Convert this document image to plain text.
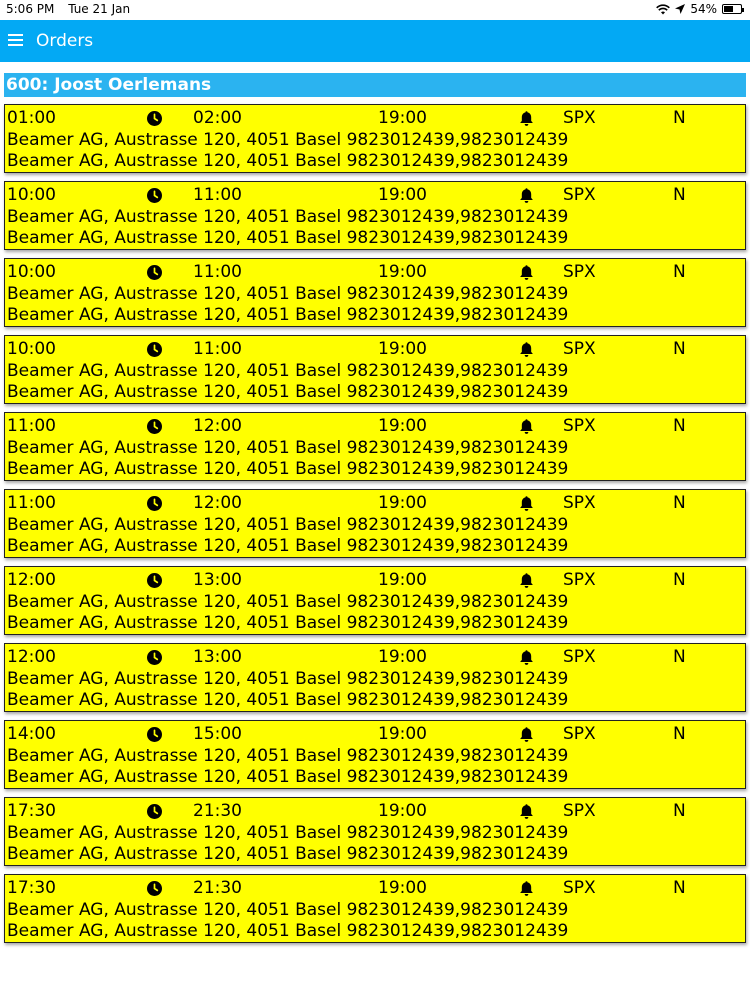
5:06 PM Tue 21 Jan	54%
Orders
600: Joost Oerlemans
01:00	02:00	19:00	SPX	N
Beamer AG, Austrasse 120, 4051 Basel 9823012439,9823012439
Beamer AG, Austrasse 120, 4051 Basel 9823012439,9823012439
10:00	11:00	19:00	SPX	N
Beamer AG, Austrasse 120, 4051 Basel 9823012439,9823012439
Beamer AG, Austrasse 120, 4051 Basel 9823012439,9823012439
10:00	11:00	19:00	SPX	N
Beamer AG, Austrasse 120, 4051 Basel 9823012439,9823012439
Beamer AG, Austrasse 120, 4051 Basel 9823012439,9823012439
10:00	11:00	19:00	SPX	N
Beamer AG, Austrasse 120, 4051 Basel 9823012439,9823012439
Beamer AG, Austrasse 120, 4051 Basel 9823012439,9823012439
11:00	12:00	19:00	SPX	N
Beamer AG, Austrasse 120, 4051 Basel 9823012439,9823012439
Beamer AG, Austrasse 120, 4051 Basel 9823012439,9823012439
11:00	12:00	19:00	SPX	N
Beamer AG, Austrasse 120, 4051 Basel 9823012439,9823012439
Beamer AG, Austrasse 120, 4051 Basel 9823012439,9823012439
12:00	13:00	19:00	SPX	N
Beamer AG, Austrasse 120, 4051 Basel 9823012439,9823012439
Beamer AG, Austrasse 120, 4051 Basel 9823012439,9823012439
12:00	13:00	19:00	SPX	N
Beamer AG, Austrasse 120, 4051 Basel 9823012439,9823012439
Beamer AG, Austrasse 120, 4051 Basel 9823012439,9823012439
14:00	15:00	19:00	SPX	N
Beamer AG, Austrasse 120, 4051 Basel 9823012439,9823012439
Beamer AG, Austrasse 120, 4051 Basel 9823012439,9823012439
17:30	21:30	19:00	SPX	N
Beamer AG, Austrasse 120, 4051 Basel 9823012439,9823012439
Beamer AG, Austrasse 120, 4051 Basel 9823012439,9823012439
17:30	21:30	19:00	SPX	N
Beamer AG, Austrasse 120, 4051 Basel 9823012439,9823012439
Beamer AG, Austrasse 120, 4051 Basel 9823012439,9823012439
